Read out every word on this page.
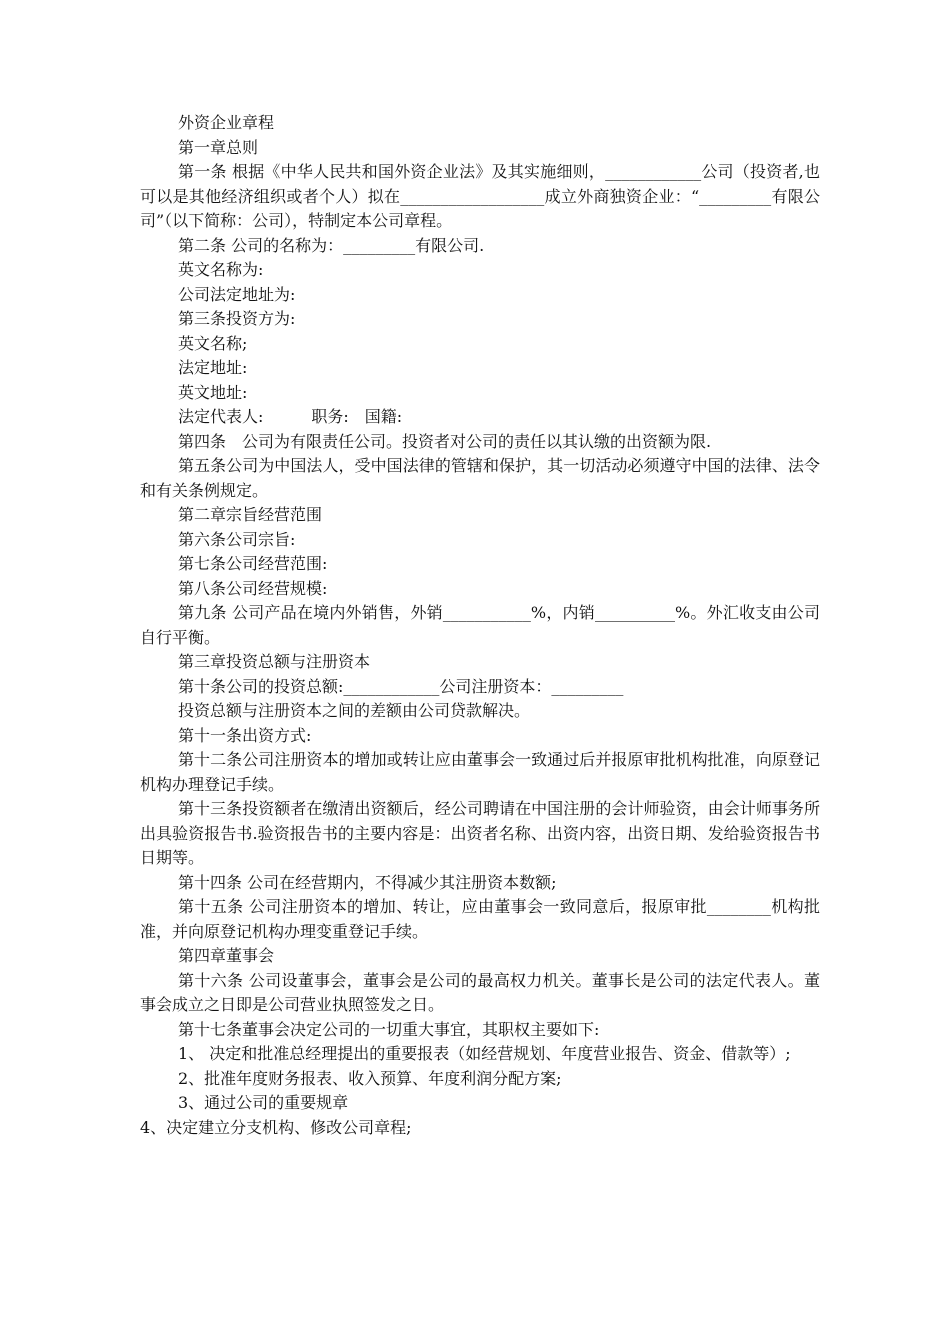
外资企业章程

第一章总则

第一条 根据《中华人民共和国外资企业法》及其实施细则，____________公司（投资者,也可以是其他经济组织或者个人）拟在__________________成立外商独资企业：“_________有限公司”（以下简称：公司），特制定本公司章程。

第二条 公司的名称为：_________有限公司.

英文名称为:

公司法定地址为:

第三条投资方为:

英文名称;

法定地址:

英文地址:

法定代表人:　　　职务:　国籍:

第四条　公司为有限责任公司。投资者对公司的责任以其认缴的出资额为限.

第五条公司为中国法人，受中国法律的管辖和保护，其一切活动必须遵守中国的法律、法令和有关条例规定。

第二章宗旨经营范围

第六条公司宗旨:

第七条公司经营范围:

第八条公司经营规模:

第九条 公司产品在境内外销售，外销___________%，内销__________%。外汇收支由公司自行平衡。

第三章投资总额与注册资本

第十条公司的投资总额:____________公司注册资本：_________

投资总额与注册资本之间的差额由公司贷款解决。

第十一条出资方式:

第十二条公司注册资本的增加或转让应由董事会一致通过后并报原审批机构批准，向原登记机构办理登记手续。

第十三条投资额者在缴清出资额后，经公司聘请在中国注册的会计师验资，由会计师事务所出具验资报告书.验资报告书的主要内容是：出资者名称、出资内容，出资日期、发给验资报告书日期等。

第十四条 公司在经营期内，不得减少其注册资本数额;

第十五条 公司注册资本的增加、转让，应由董事会一致同意后，报原审批________机构批准，并向原登记机构办理变重登记手续。

第四章董事会

第十六条 公司设董事会，董事会是公司的最高权力机关。董事长是公司的法定代表人。董事会成立之日即是公司营业执照签发之日。

第十七条董事会决定公司的一切重大事宜，其职权主要如下:

1、 决定和批准总经理提出的重要报表（如经营规划、年度营业报告、资金、借款等）;

2、批准年度财务报表、收入预算、年度利润分配方案;

3、通过公司的重要规章

4、决定建立分支机构、修改公司章程;
